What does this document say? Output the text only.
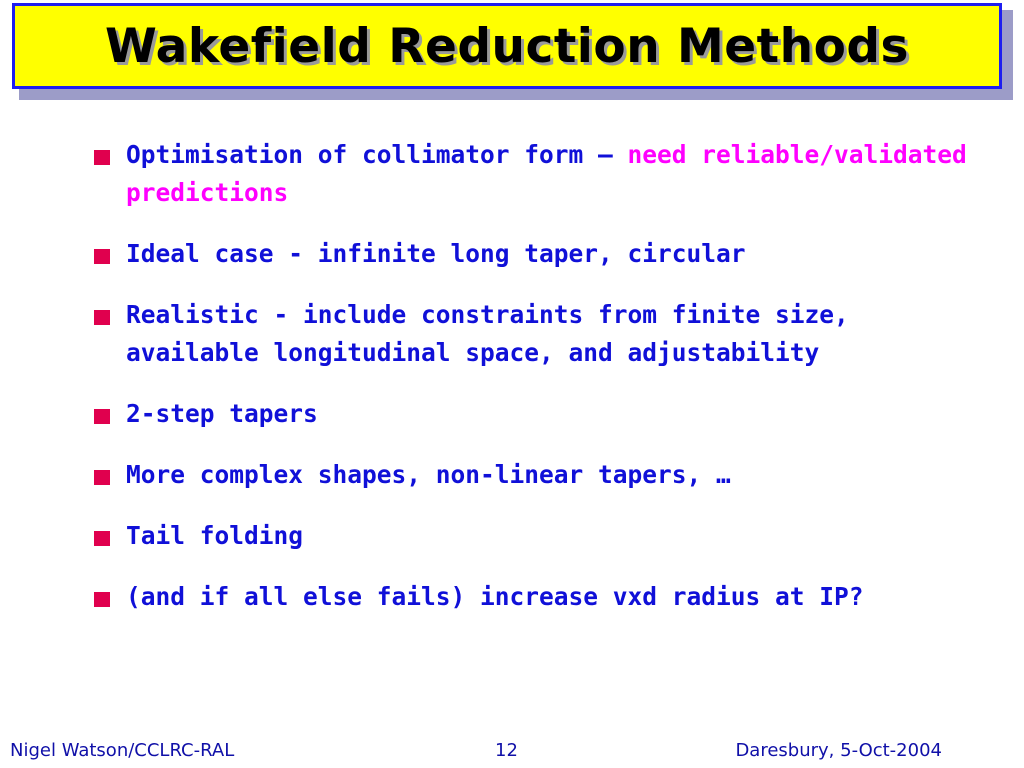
Wakefield Reduction Methods
Optimisation of collimator form – need reliable/validated predictions
Ideal case - infinite long taper, circular
Realistic - include constraints from finite size, available longitudinal space, and adjustability
2-step tapers
More complex shapes, non-linear tapers, …
Tail folding
(and if all else fails) increase vxd radius at IP?
Nigel Watson/CCLRC-RAL	12	Daresbury, 5-Oct-2004
